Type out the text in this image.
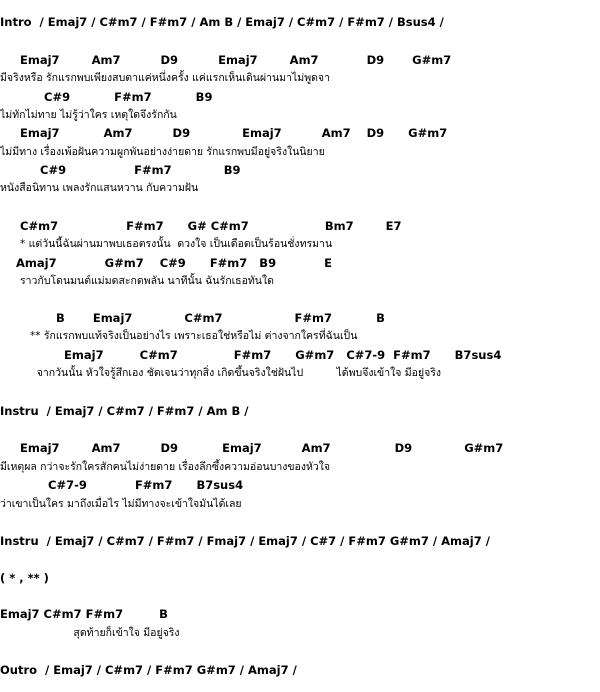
Intro  / Emaj7 / C#m7 / F#m7 / Am B / Emaj7 / C#m7 / F#m7 / Bsus4 /
Emaj7        Am7          D9          Emaj7        Am7            D9       G#m7
มีจริงหรือ รักแรกพบเพียงสบตาแค่หนึ่งครั้ง แค่แรกเห็นเดินผ่านมาไม่พูดจา
C#9           F#m7           B9
ไม่ทักไม่ทาย ไม่รู้ว่าใคร เหตุใดจึงรักกัน
Emaj7           Am7          D9             Emaj7          Am7    D9      G#m7
ไม่มีทาง เรื่องเพ้อฝันความผูกพันอย่างง่ายดาย รักแรกพบมีอยู่จริงในนิยาย
C#9                 F#m7             B9
หนังสือนิทาน เพลงรักแสนหวาน กับความฝัน
C#m7                 F#m7      G# C#m7                   Bm7        E7
* แต่วันนี้ฉันผ่านมาพบเธอตรงนั้น  ดวงใจ เป็นเดือดเป็นร้อนชั่งทรมาน
Amaj7            G#m7    C#9      F#m7   B9            E
ราวกับโดนมนต์แม่มดสะกดพลัน นาทีนั้น ฉันรักเธอทันใด
B       Emaj7             C#m7                  F#m7           B
** รักแรกพบแท้จริงเป็นอย่างไร เพราะเธอใช่หรือไม่ ต่างจากใครที่ฉันเป็น
Emaj7         C#m7              F#m7      G#m7   C#7-9  F#m7      B7sus4
จากวันนั้น หัวใจรู้สึกเอง ชัดเจนว่าทุกสิ่ง เกิดขึ้นจริงใช่ฝันไป          ได้พบจึงเข้าใจ มีอยู่จริง
Instru  / Emaj7 / C#m7 / F#m7 / Am B /
Emaj7        Am7          D9           Emaj7          Am7                D9             G#m7
มีเหตุผล กว่าจะรักใครสักคนไม่ง่ายดาย เรื่องลึกซึ้งความอ่อนบางของหัวใจ
C#7-9            F#m7      B7sus4
ว่าเขาเป็นใคร มาถึงเมื่อไร ไม่มีทางจะเข้าใจมันได้เลย
Instru  / Emaj7 / C#m7 / F#m7 / Fmaj7 / Emaj7 / C#7 / F#m7 G#m7 / Amaj7 /
( * , ** )
Emaj7 C#m7 F#m7         B
สุดท้ายก็เข้าใจ มีอยู่จริง
Outro  / Emaj7 / C#m7 / F#m7 G#m7 / Amaj7 /
